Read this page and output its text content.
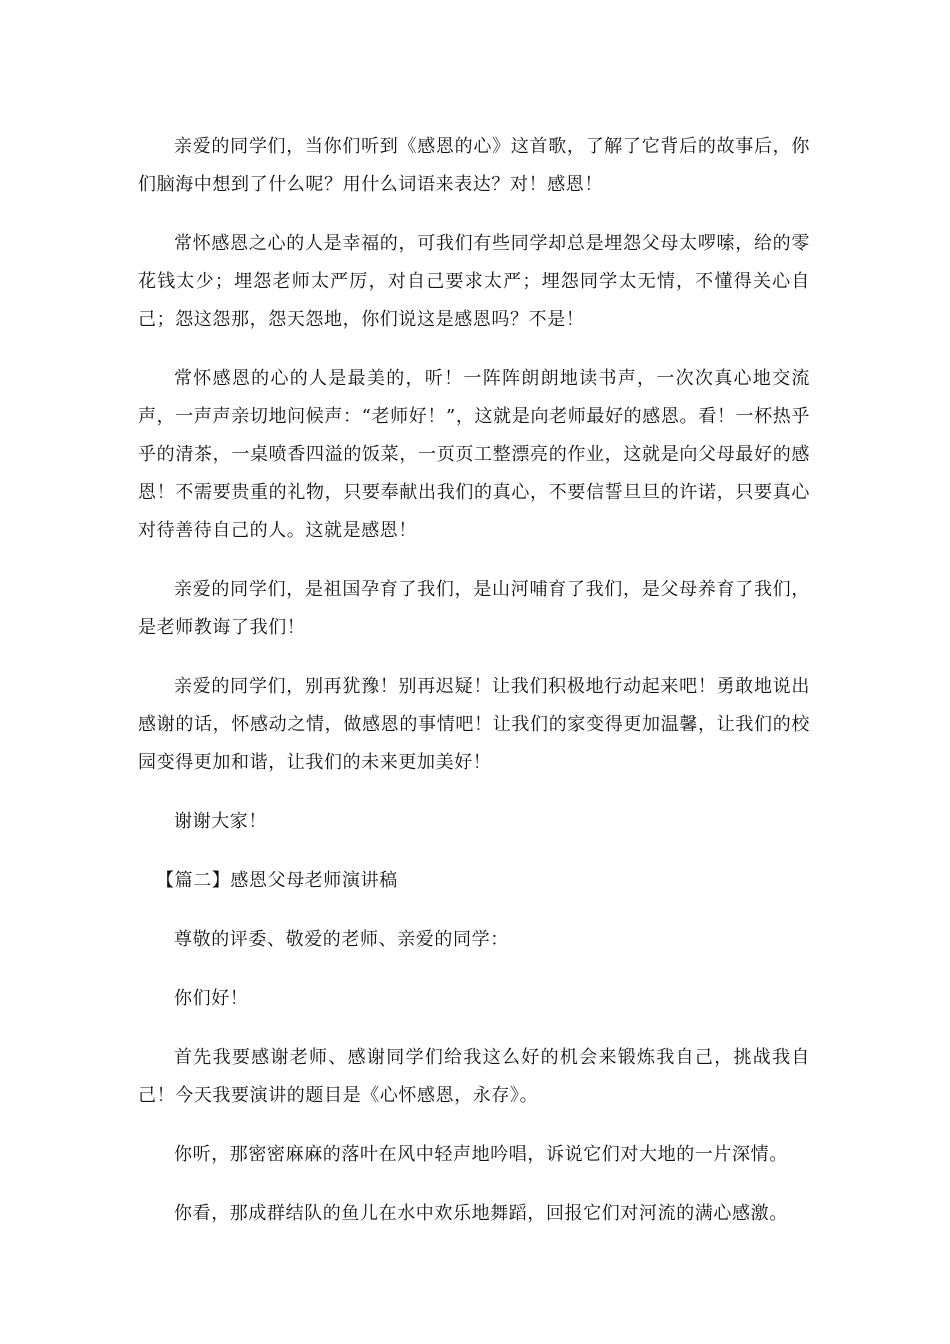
亲爱的同学们，当你们听到《感恩的心》这首歌，了解了它背后的故事后，你们脑海中想到了什么呢？用什么词语来表达？对！感恩！

常怀感恩之心的人是幸福的，可我们有些同学却总是埋怨父母太啰嗦，给的零花钱太少；埋怨老师太严厉，对自己要求太严；埋怨同学太无情，不懂得关心自己；怨这怨那，怨天怨地，你们说这是感恩吗？不是！

常怀感恩的心的人是最美的，听！一阵阵朗朗地读书声，一次次真心地交流声，一声声亲切地问候声：“老师好！”，这就是向老师最好的感恩。看！一杯热乎乎的清茶，一桌喷香四溢的饭菜，一页页工整漂亮的作业，这就是向父母最好的感恩！不需要贵重的礼物，只要奉献出我们的真心，不要信誓旦旦的许诺，只要真心对待善待自己的人。这就是感恩！

亲爱的同学们，是祖国孕育了我们，是山河哺育了我们，是父母养育了我们，是老师教诲了我们！

亲爱的同学们，别再犹豫！别再迟疑！让我们积极地行动起来吧！勇敢地说出感谢的话，怀感动之情，做感恩的事情吧！让我们的家变得更加温馨，让我们的校园变得更加和谐，让我们的未来更加美好！

谢谢大家！

【篇二】感恩父母老师演讲稿

尊敬的评委、敬爱的老师、亲爱的同学：

你们好！

首先我要感谢老师、感谢同学们给我这么好的机会来锻炼我自己，挑战我自己！今天我要演讲的题目是《心怀感恩，永存》。

你听，那密密麻麻的落叶在风中轻声地吟唱，诉说它们对大地的一片深情。

你看，那成群结队的鱼儿在水中欢乐地舞蹈，回报它们对河流的满心感激。
